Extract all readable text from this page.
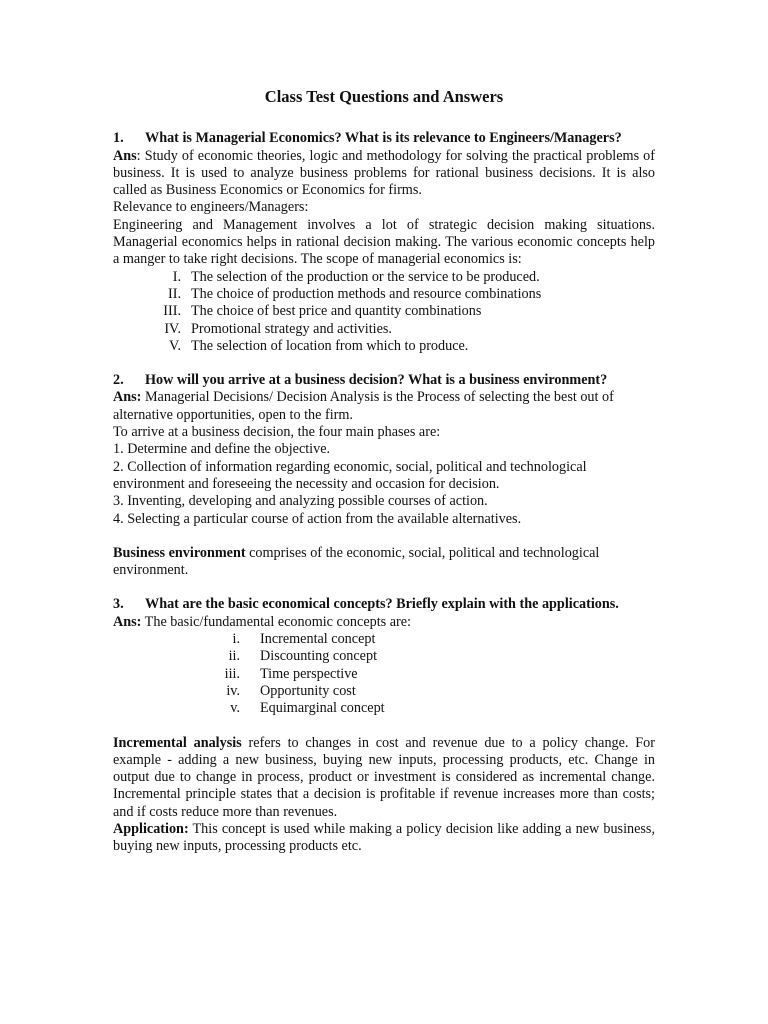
Class Test Questions and Answers

1. What is Managerial Economics? What is its relevance to Engineers/Managers?

Ans: Study of economic theories, logic and methodology for solving the practical problems of business. It is used to analyze business problems for rational business decisions. It is also called as Business Economics or Economics for firms.

Relevance to engineers/Managers:

Engineering and Management involves a lot of strategic decision making situations. Managerial economics helps in rational decision making. The various economic concepts help a manger to take right decisions. The scope of managerial economics is:

I. The selection of the production or the service to be produced.
II. The choice of production methods and resource combinations
III. The choice of best price and quantity combinations
IV. Promotional strategy and activities.
V. The selection of location from which to produce.

2. How will you arrive at a business decision? What is a business environment?

Ans: Managerial Decisions/ Decision Analysis is the Process of selecting the best out of alternative opportunities, open to the firm.

To arrive at a business decision, the four main phases are:

1. Determine and define the objective.

2. Collection of information regarding economic, social, political and technological environment and foreseeing the necessity and occasion for decision.

3. Inventing, developing and analyzing possible courses of action.

4. Selecting a particular course of action from the available alternatives.

Business environment comprises of the economic, social, political and technological environment.

3. What are the basic economical concepts? Briefly explain with the applications.

Ans: The basic/fundamental economic concepts are:

i.	Incremental concept
ii.	Discounting concept
iii.	Time perspective
iv.	Opportunity cost
v.	Equimarginal concept

Incremental analysis refers to changes in cost and revenue due to a policy change. For example - adding a new business, buying new inputs, processing products, etc. Change in output due to change in process, product or investment is considered as incremental change. Incremental principle states that a decision is profitable if revenue increases more than costs; and if costs reduce more than revenues.

Application: This concept is used while making a policy decision like adding a new business, buying new inputs, processing products etc.
